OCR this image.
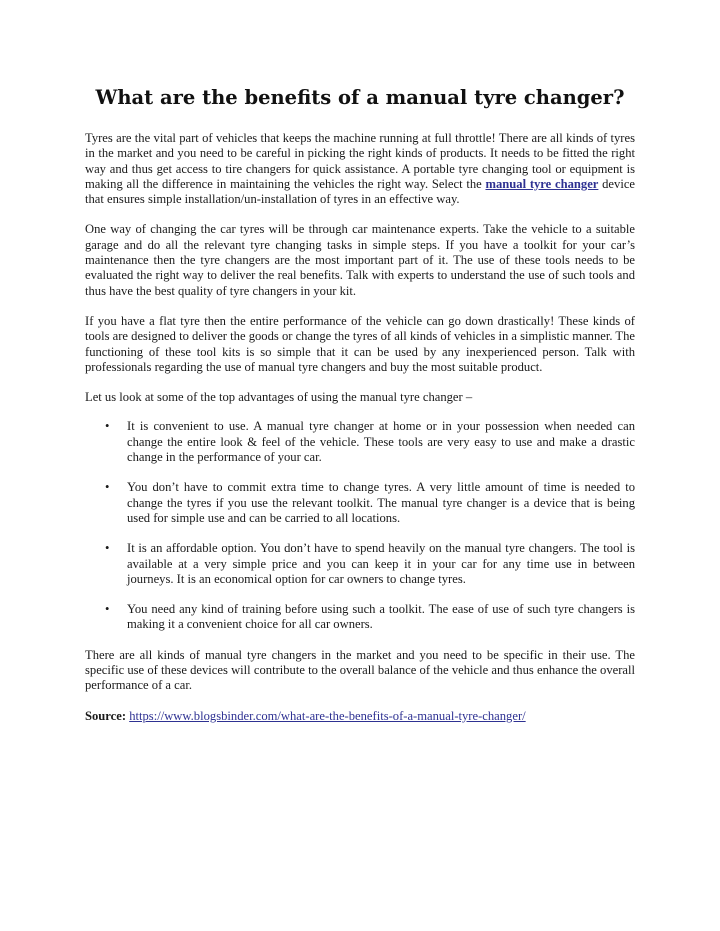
What are the benefits of a manual tyre changer?

Tyres are the vital part of vehicles that keeps the machine running at full throttle! There are all kinds of tyres in the market and you need to be careful in picking the right kinds of products. It needs to be fitted the right way and thus get access to tire changers for quick assistance. A portable tyre changing tool or equipment is making all the difference in maintaining the vehicles the right way. Select the manual tyre changer device that ensures simple installation/un-installation of tyres in an effective way.

One way of changing the car tyres will be through car maintenance experts. Take the vehicle to a suitable garage and do all the relevant tyre changing tasks in simple steps. If you have a toolkit for your car’s maintenance then the tyre changers are the most important part of it. The use of these tools needs to be evaluated the right way to deliver the real benefits. Talk with experts to understand the use of such tools and thus have the best quality of tyre changers in your kit.

If you have a flat tyre then the entire performance of the vehicle can go down drastically! These kinds of tools are designed to deliver the goods or change the tyres of all kinds of vehicles in a simplistic manner. The functioning of these tool kits is so simple that it can be used by any inexperienced person. Talk with professionals regarding the use of manual tyre changers and buy the most suitable product.

Let us look at some of the top advantages of using the manual tyre changer –

• It is convenient to use. A manual tyre changer at home or in your possession when needed can change the entire look & feel of the vehicle. These tools are very easy to use and make a drastic change in the performance of your car.
• You don’t have to commit extra time to change tyres. A very little amount of time is needed to change the tyres if you use the relevant toolkit. The manual tyre changer is a device that is being used for simple use and can be carried to all locations.
• It is an affordable option. You don’t have to spend heavily on the manual tyre changers. The tool is available at a very simple price and you can keep it in your car for any time use in between journeys. It is an economical option for car owners to change tyres.
• You need any kind of training before using such a toolkit. The ease of use of such tyre changers is making it a convenient choice for all car owners.

There are all kinds of manual tyre changers in the market and you need to be specific in their use. The specific use of these devices will contribute to the overall balance of the vehicle and thus enhance the overall performance of a car.

Source: https://www.blogsbinder.com/what-are-the-benefits-of-a-manual-tyre-changer/
